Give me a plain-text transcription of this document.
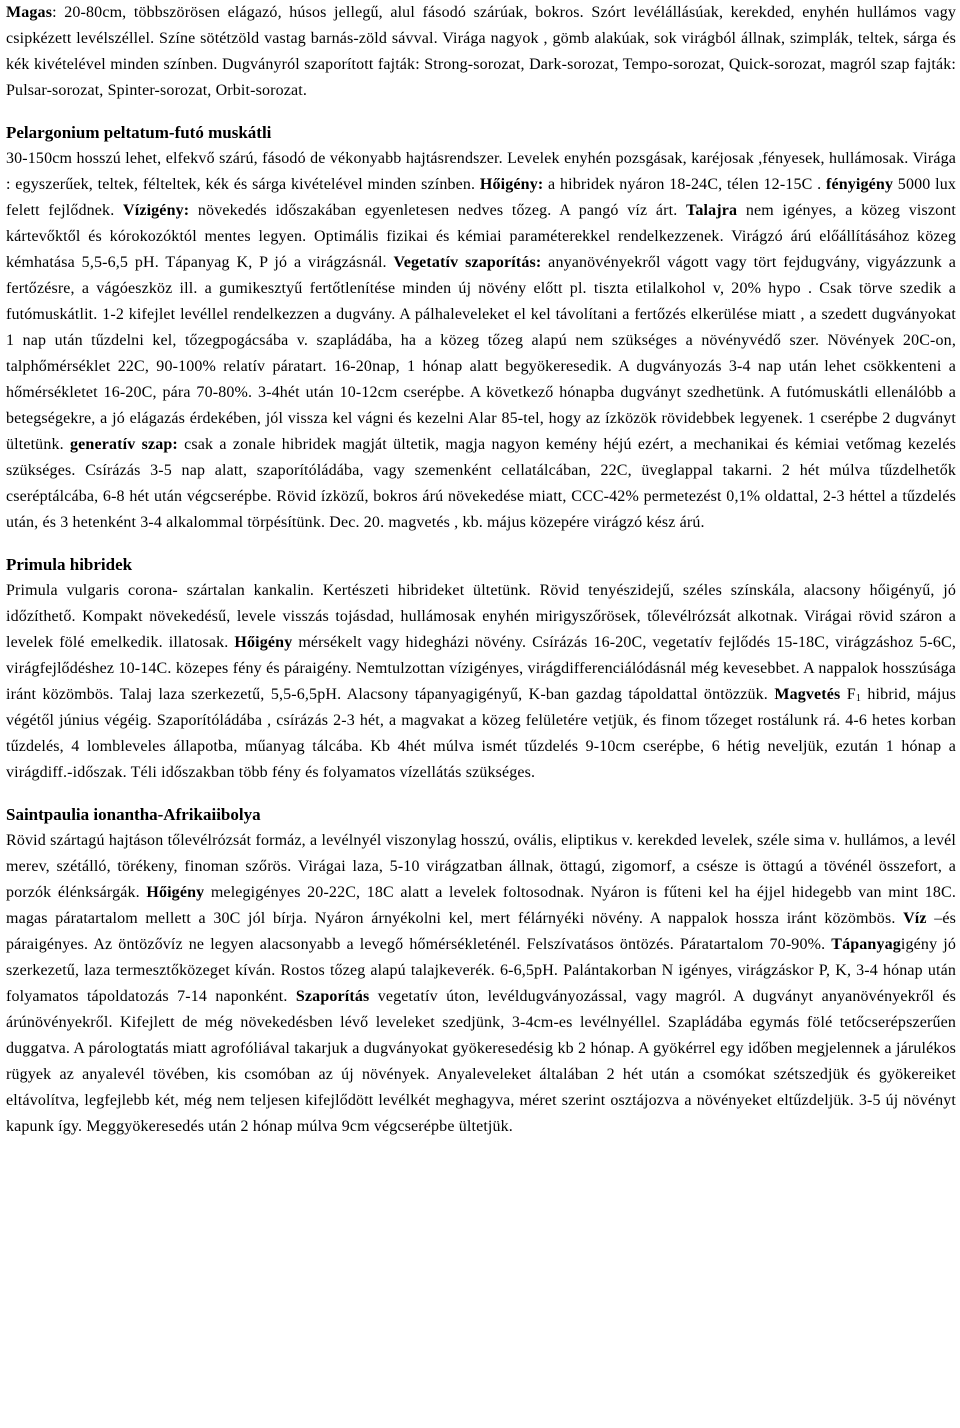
Magas: 20-80cm, többszörösen elágazó, húsos jellegű, alul fásodó szárúak, bokros. Szórt levélállásúak, kerekded, enyhén hullámos vagy csipkézett levélszéllel. Színe sötétzöld vastag barnás-zöld sávval. Virága nagyok , gömb alakúak, sok virágból állnak, szimplák, teltek, sárga és kék kivételével minden színben. Dugványról szaporított fajták: Strong-sorozat, Dark-sorozat, Tempo-sorozat, Quick-sorozat, magról szap fajták: Pulsar-sorozat, Spinter-sorozat, Orbit-sorozat.

Pelargonium peltatum-futó muskátli

30-150cm hosszú lehet, elfekvő szárú, fásodó de vékonyabb hajtásrendszer. Levelek enyhén pozsgásak, karéjosak ,fényesek, hullámosak. Virága : egyszerűek, teltek, félteltek, kék és sárga kivételével minden színben. Hőigény: a hibridek nyáron 18-24C, télen 12-15C . fényigény 5000 lux felett fejlődnek. Vízigény: növekedés időszakában egyenletesen nedves tőzeg. A pangó víz árt. Talajra nem igényes, a közeg viszont kártevőktől és kórokozóktól mentes legyen. Optimális fizikai és kémiai paraméterekkel rendelkezzenek. Virágzó árú előállításához közeg kémhatása 5,5-6,5 pH. Tápanyag K, P jó a virágzásnál. Vegetatív szaporítás: anyanövényekről vágott vagy tört fejdugvány, vigyázzunk a fertőzésre, a vágóeszköz ill. a gumikesztyű fertőtlenítése minden új növény előtt pl. tiszta etilalkohol v, 20% hypo . Csak törve szedik a futómuskátlit. 1-2 kifejlet levéllel rendelkezzen a dugvány. A pálhaleveleket el kel távolítani a fertőzés elkerülése miatt , a szedett dugványokat 1 nap után tűzdelni kel, tőzegpogácsába v. szapládába, ha a közeg tőzeg alapú nem szükséges a növényvédő szer. Növények 20C-on, talphőmérséklet 22C, 90-100% relatív páratart. 16-20nap, 1 hónap alatt begyökeresedik. A dugványozás 3-4 nap után lehet csökkenteni a hőmérsékletet 16-20C, pára 70-80%. 3-4hét után 10-12cm cserépbe. A következő hónapba dugványt szedhetünk. A futómuskátli ellenálóbb a betegségekre, a jó elágazás érdekében, jól vissza kel vágni és kezelni Alar 85-tel, hogy az ízközök rövidebbek legyenek. 1 cserépbe 2 dugványt ültetünk. generatív szap: csak a zonale hibridek magját ültetik, magja nagyon kemény héjú ezért, a mechanikai és kémiai vetőmag kezelés szükséges. Csírázás 3-5 nap alatt, szaporítóládába, vagy szemenként cellatálcában, 22C, üveglappal takarni. 2 hét múlva tűzdelhetők cseréptálcába, 6-8 hét után végcserépbe. Rövid ízközű, bokros árú növekedése miatt, CCC-42% permetezést 0,1% oldattal, 2-3 héttel a tűzdelés után, és 3 hetenként 3-4 alkalommal törpésítünk. Dec. 20. magvetés , kb. május közepére virágzó kész árú.

Primula hibridek

Primula vulgaris corona- szártalan kankalin. Kertészeti hibrideket ültetünk. Rövid tenyészidejű, széles színskála, alacsony hőigényű, jó időzíthető. Kompakt növekedésű, levele visszás tojásdad, hullámosak enyhén mirigyszőrösek, tőlevélrózsát alkotnak. Virágai rövid száron a levelek fölé emelkedik. illatosak. Hőigény mérsékelt vagy hidegházi növény. Csírázás 16-20C, vegetatív fejlődés 15-18C, virágzáshoz 5-6C, virágfejlődéshez 10-14C. közepes fény és páraigény. Nemtulzottan vízigényes, virágdifferenciálódásnál még kevesebbet. A nappalok hosszúsága iránt közömbös. Talaj laza szerkezetű, 5,5-6,5pH. Alacsony tápanyagigényű, K-ban gazdag tápoldattal öntözzük. Magvetés $F_1$ hibrid, május végétől június végéig. Szaporítóládába , csírázás 2-3 hét, a magvakat a közeg felületére vetjük, és finom tőzeget rostálunk rá. 4-6 hetes korban tűzdelés, 4 lombleveles állapotba, műanyag tálcába. Kb 4hét múlva ismét tűzdelés 9-10cm cserépbe, 6 hétig neveljük, ezután 1 hónap a virágdiff.-időszak. Téli időszakban több fény és folyamatos vízellátás szükséges.

Saintpaulia ionantha-Afrikaiibolya

Rövid szártagú hajtáson tőlevélrózsát formáz, a levélnyél viszonylag hosszú, ovális, eliptikus v. kerekded levelek, széle sima v. hullámos, a levél merev, szétálló, törékeny, finoman szőrös. Virágai laza, 5-10 virágzatban állnak, öttagú, zigomorf, a csésze is öttagú a tövénél összefort, a porzók élénksárgák. Hőigény melegigényes 20-22C, 18C alatt a levelek foltosodnak. Nyáron is fűteni kel ha éjjel hidegebb van mint 18C. magas páratartalom mellett a 30C jól bírja. Nyáron árnyékolni kel, mert félárnyéki növény. A nappalok hossza iránt közömbös. Víz –és páraigényes. Az öntözővíz ne legyen alacsonyabb a levegő hőmérsékleténél. Felszívatásos öntözés. Páratartalom 70-90%. Tápanyagigény jó szerkezetű, laza termesztőközeget kíván. Rostos tőzeg alapú talajkeverék. 6-6,5pH. Palántakorban N igényes, virágzáskor P, K, 3-4 hónap után folyamatos tápoldatozás 7-14 naponként. Szaporítás vegetatív úton, levéldugványozással, vagy magról. A dugványt anyanövényekről és árúnövényekről. Kifejlett de még növekedésben lévő leveleket szedjünk, 3-4cm-es levélnyéllel. Szapládába egymás fölé tetőcserépszerűen duggatva. A párologtatás miatt agrofóliával takarjuk a dugványokat gyökeresedésig kb 2 hónap. A gyökérrel egy időben megjelennek a járulékos rügyek az anyalevél tövében, kis csomóban az új növények. Anyaleveleket általában 2 hét után a csomókat szétszedjük és gyökereiket eltávolítva, legfejlebb két, még nem teljesen kifejlődött levélkét meghagyva, méret szerint osztájozva a növényeket eltűzdeljük. 3-5 új növényt kapunk így. Meggyökeresedés után 2 hónap múlva 9cm végcserépbe ültetjük.
